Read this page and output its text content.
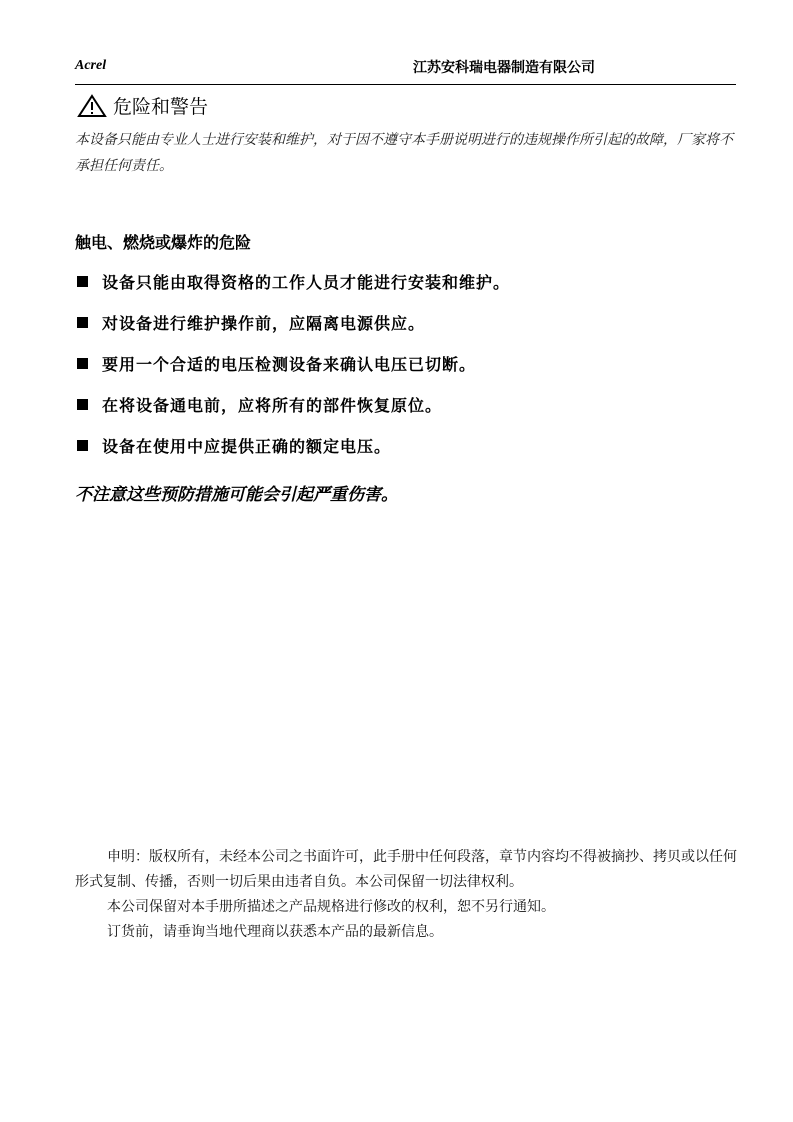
Acrel	江苏安科瑞电器制造有限公司
危险和警告
本设备只能由专业人士进行安装和维护，对于因不遵守本手册说明进行的违规操作所引起的故障，厂家将不承担任何责任。
触电、燃烧或爆炸的危险
设备只能由取得资格的工作人员才能进行安装和维护。
对设备进行维护操作前，应隔离电源供应。
要用一个合适的电压检测设备来确认电压已切断。
在将设备通电前，应将所有的部件恢复原位。
设备在使用中应提供正确的额定电压。
不注意这些预防措施可能会引起严重伤害。

申明：版权所有，未经本公司之书面许可，此手册中任何段落，章节内容均不得被摘抄、拷贝或以任何形式复制、传播，否则一切后果由违者自负。本公司保留一切法律权利。

本公司保留对本手册所描述之产品规格进行修改的权利，恕不另行通知。

订货前，请垂询当地代理商以获悉本产品的最新信息。
